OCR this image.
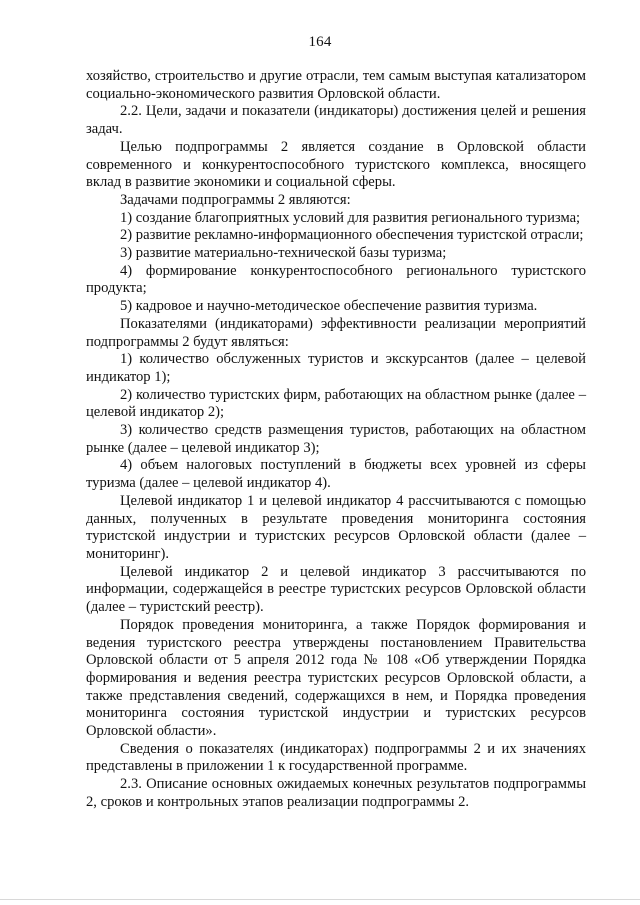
164

хозяйство, строительство и другие отрасли, тем самым выступая катализатором социально-экономического развития Орловской области.

2.2. Цели, задачи и показатели (индикаторы) достижения целей и решения задач.

Целью подпрограммы 2 является создание в Орловской области современного и конкурентоспособного туристского комплекса, вносящего вклад в развитие экономики и социальной сферы.

Задачами подпрограммы 2 являются:

1) создание благоприятных условий для развития регионального туризма;

2) развитие рекламно-информационного обеспечения туристской отрасли;

3) развитие материально-технической базы туризма;

4) формирование конкурентоспособного регионального туристского продукта;

5) кадровое и научно-методическое обеспечение развития туризма.

Показателями (индикаторами) эффективности реализации мероприятий подпрограммы 2 будут являться:

1) количество обслуженных туристов и экскурсантов (далее – целевой индикатор 1);

2) количество туристских фирм, работающих на областном рынке (далее – целевой индикатор 2);

3) количество средств размещения туристов, работающих на областном рынке (далее – целевой индикатор 3);

4) объем налоговых поступлений в бюджеты всех уровней из сферы туризма (далее – целевой индикатор 4).

Целевой индикатор 1 и целевой индикатор 4 рассчитываются с помощью данных, полученных в результате проведения мониторинга состояния туристской индустрии и туристских ресурсов Орловской области (далее – мониторинг).

Целевой индикатор 2 и целевой индикатор 3 рассчитываются по информации, содержащейся в реестре туристских ресурсов Орловской области (далее – туристский реестр).

Порядок проведения мониторинга, а также Порядок формирования и ведения туристского реестра утверждены постановлением Правительства Орловской области от 5 апреля 2012 года № 108 «Об утверждении Порядка формирования и ведения реестра туристских ресурсов Орловской области, а также представления сведений, содержащихся в нем, и Порядка проведения мониторинга состояния туристской индустрии и туристских ресурсов Орловской области».

Сведения о показателях (индикаторах) подпрограммы 2 и их значениях представлены в приложении 1 к государственной программе.

2.3. Описание основных ожидаемых конечных результатов подпрограммы 2, сроков и контрольных этапов реализации подпрограммы 2.
